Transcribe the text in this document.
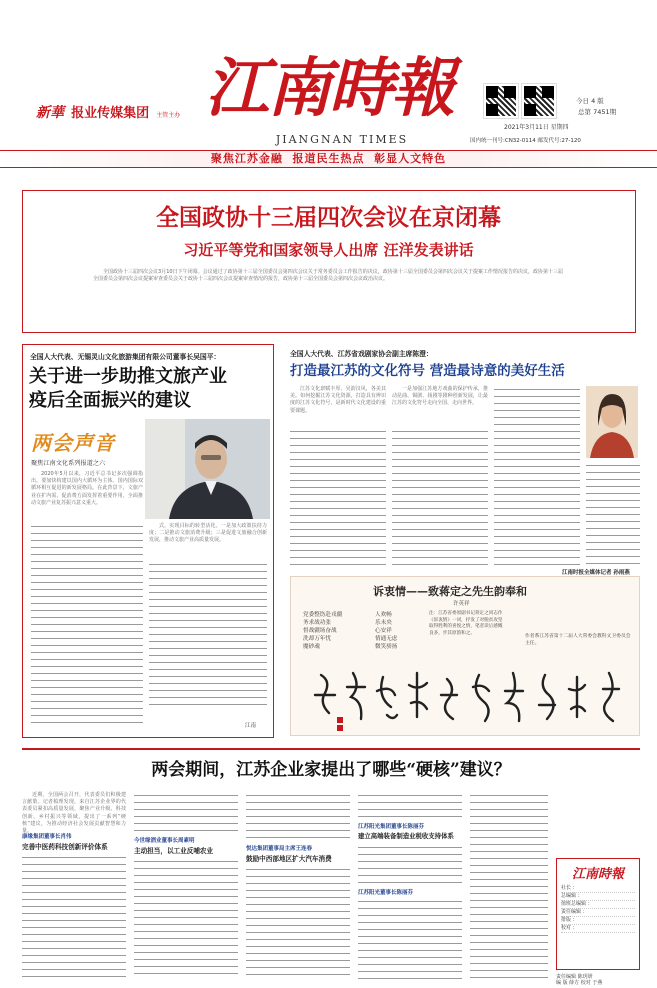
新華 报业传媒集团 主管主办 江南時報
JIANGNAN TIMES
今日 4 版
总第 7451期
2021年3月11日 星期四
国内统一刊号:CN32-0114 邮发代号:27-120
聚焦江苏金融  报道民生热点  彰显人文特色
全国政协十三届四次会议在京闭幕
习近平等党和国家领导人出席 汪洋发表讲话

全国政协十三届四次会议3月10日下午闭幕。会议通过了政协第十三届全国委员会第四次会议关于常务委员会工作报告的决议，政协第十三届全国委员会第四次会议关于提案工作情况报告的决议，政协第十三届全国委员会第四次会议提案审查委员会关于政协十三届四次会议提案审查情况的报告，政协第十三届全国委员会第四次会议政治决议。

全国人大代表、无锡灵山文化旅游集团有限公司董事长吴国平：
关于进一步助推文旅产业
疫后全面振兴的建议
两会声音
聚焦江南文化系列报道之六

2020年5月以来，习近平总书记多次强调指出，要加快构建以国内大循环为主体、国内国际双循环相互促进的新发展格局。在此背景下，文旅产业在扩内需、促消费方面发挥着重要作用，全面推动文旅产业复苏振兴意义重大。

式，实现目标的转型活化。一是加大政策扶持力度；二是推动文旅消费升级；三是促进文旅融合创新发展，推动文旅产业高质量发展。

江南
全国人大代表、江苏省戏剧家协会副主席陈澄：
打造最江苏的文化符号 营造最诗意的美好生活

江苏文化禀赋丰厚，吴韵汉风，各美其美。如何挖掘江苏文化资源，打造具有辨识度的江苏文化符号，是新时代文化建设的重要课题。

一是加强江苏地方戏曲的保护传承，推动昆曲、锡剧、扬剧等剧种创新发展，让最江苏的文化符号走向全国、走向世界。

江南时报全媒体记者 孙雨燕
诉衷情——致蒋定之先生韵奉和
许英祥
党委整饬赴戎疆
务求战功张
督战疆场奋战
洗却万年忧
魔砂魂
人欢畅
乐未央
心安祥
情通无虑
微笑骄扬
注：江苏省委原副书记蒋定之同志作《诉衷情》一词，抒发了对脱贫攻坚取得胜利的喜悦之情，笔者读后感慨良多，步其原韵和之。
作者系江苏省第十二届人大常委会教科文卫委员会主任。
两会期间，江苏企业家提出了哪些“硬核”建议？

近期，全国两会召开，代表委员们积极建言献策。记者梳理发现，来自江苏企业界的代表委员紧扣高质量发展，聚焦产业升级、科技创新、乡村振兴等领域，提出了一系列“硬核”建议，为推动经济社会发展贡献智慧和力量。

康缘集团董事长肖伟
完善中医药科技创新评价体系
今世缘酒业董事长周素明
主动担当，以工业反哺农业	悦达集团董事局主席王连春
鼓励中西部地区扩大汽车消费
江苏阳光集团董事长陈丽芬
建立高端装备制造业税收支持体系
江苏阳光董事长陈丽芬
江南時報
社长 ：
总编辑 ：
值班总编辑 ：
责任编辑 ：
排版 ：
校对 ：
责任编辑 陈玥妍
编 版 薛方 校对 于燕
